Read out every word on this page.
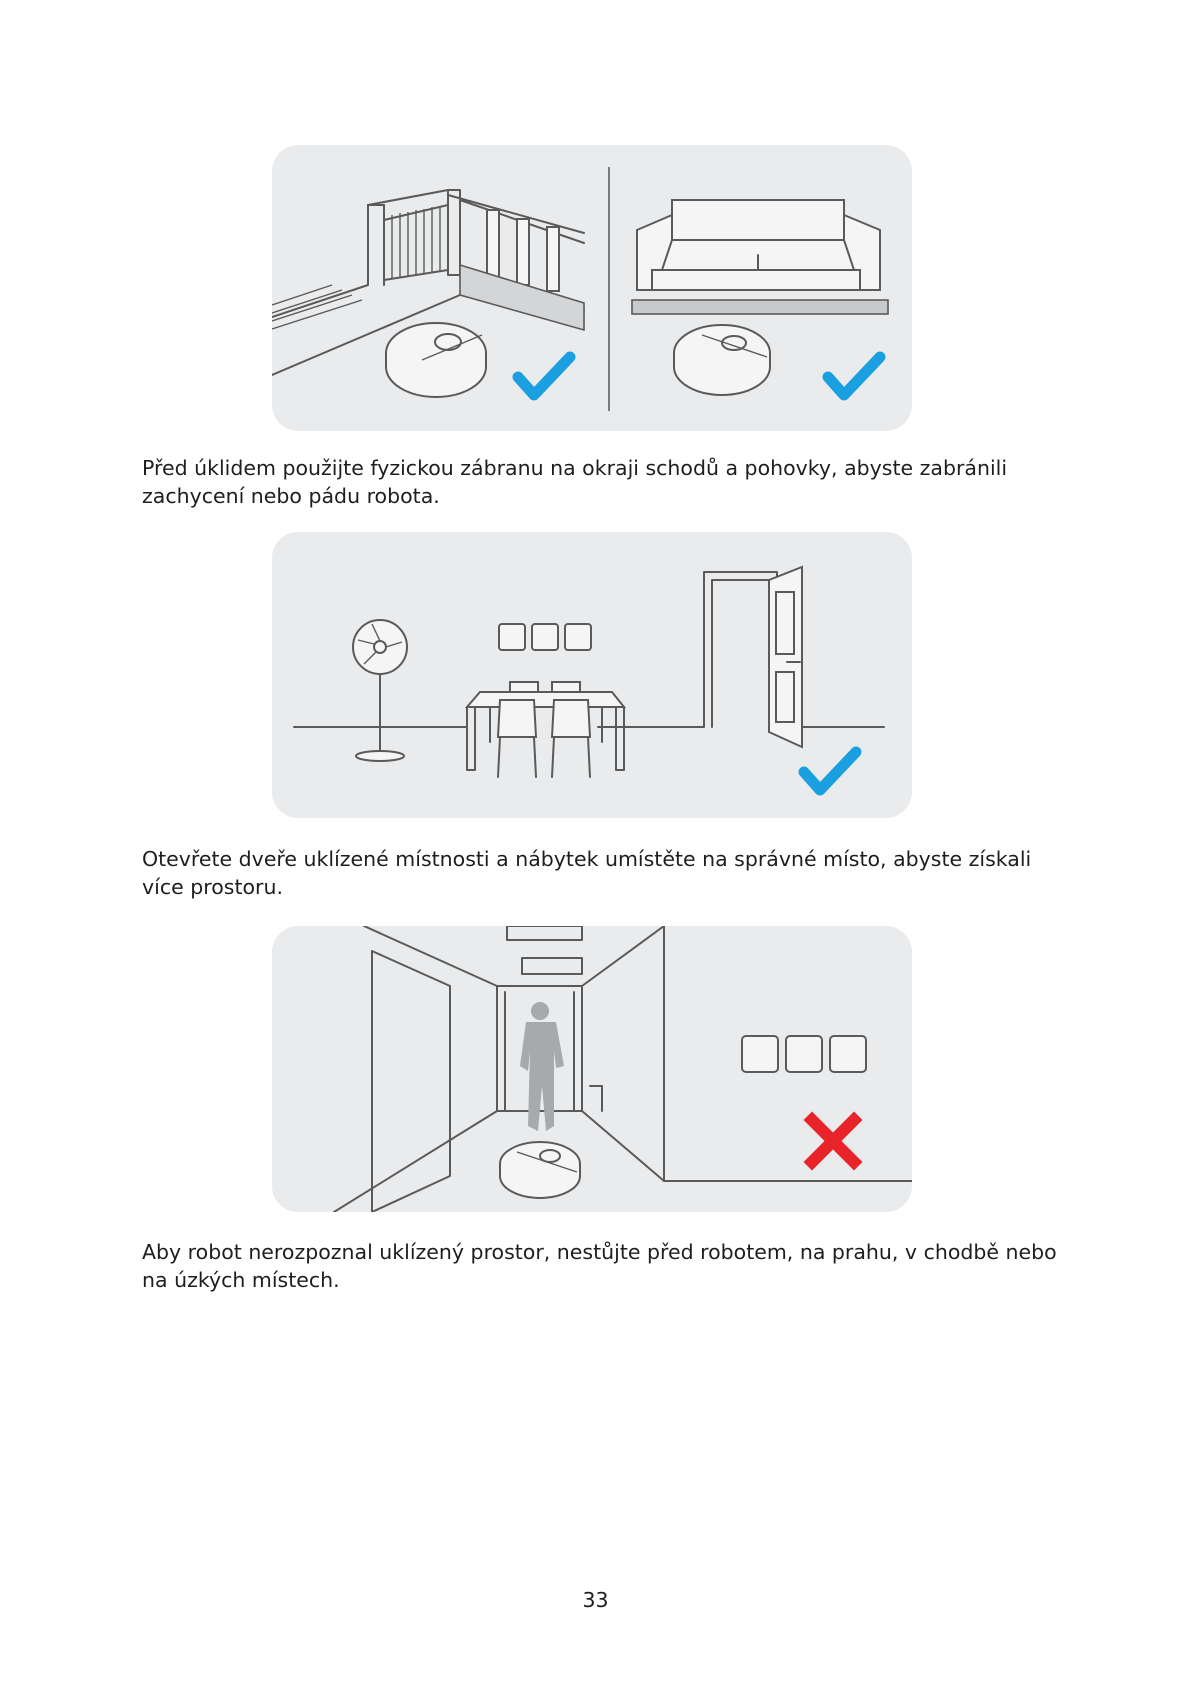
Před úklidem použijte fyzickou zábranu na okraji schodů a pohovky, abyste zabránili zachycení nebo pádu robota.

Otevřete dveře uklízené místnosti a nábytek umístěte na správné místo, abyste získali více prostoru.

Aby robot nerozpoznal uklízený prostor, nestůjte před robotem, na prahu, v chodbě nebo na úzkých místech.

33
